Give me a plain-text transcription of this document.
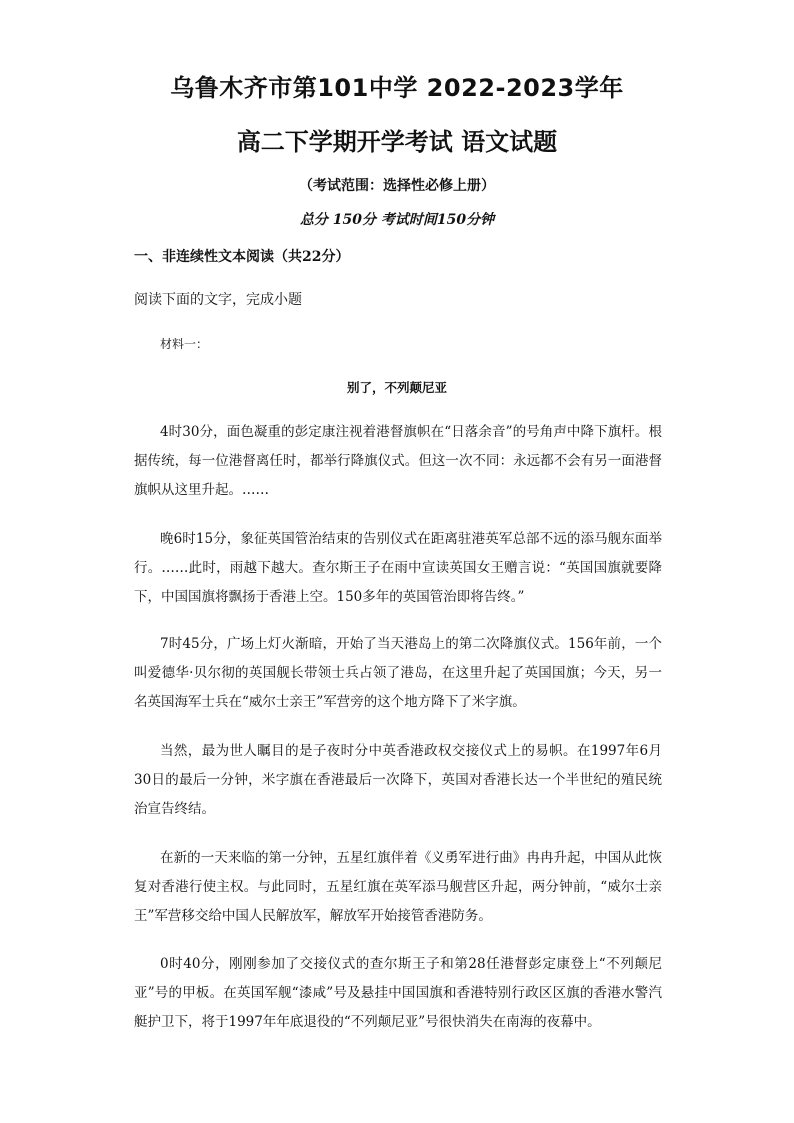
乌鲁木齐市第101中学 2022-2023学年
高二下学期开学考试 语文试题
（考试范围：选择性必修上册）
总分 150分 考试时间150分钟
一、非连续性文本阅读（共22分）
阅读下面的文字，完成小题
材料一：
别了，不列颠尼亚

4时30分，面色凝重的彭定康注视着港督旗帜在“日落余音”的号角声中降下旗杆。根据传统，每一位港督离任时，都举行降旗仪式。但这一次不同：永远都不会有另一面港督旗帜从这里升起。……

晚6时15分，象征英国管治结束的告别仪式在距离驻港英军总部不远的添马舰东面举行。……此时，雨越下越大。查尔斯王子在雨中宣读英国女王赠言说：“英国国旗就要降下，中国国旗将飘扬于香港上空。150多年的英国管治即将告终。”

7时45分，广场上灯火渐暗，开始了当天港岛上的第二次降旗仪式。156年前，一个叫爱德华·贝尔彻的英国舰长带领士兵占领了港岛，在这里升起了英国国旗；今天，另一名英国海军士兵在“威尔士亲王”军营旁的这个地方降下了米字旗。

当然，最为世人瞩目的是子夜时分中英香港政权交接仪式上的易帜。在1997年6月30日的最后一分钟，米字旗在香港最后一次降下，英国对香港长达一个半世纪的殖民统治宣告终结。

在新的一天来临的第一分钟，五星红旗伴着《义勇军进行曲》冉冉升起，中国从此恢复对香港行使主权。与此同时，五星红旗在英军添马舰营区升起，两分钟前，“威尔士亲王”军营移交给中国人民解放军，解放军开始接管香港防务。

0时40分，刚刚参加了交接仪式的查尔斯王子和第28任港督彭定康登上“不列颠尼亚”号的甲板。在英国军舰“漆咸”号及悬挂中国国旗和香港特别行政区区旗的香港水警汽艇护卫下，将于1997年年底退役的“不列颠尼亚”号很快消失在南海的夜幕中。
